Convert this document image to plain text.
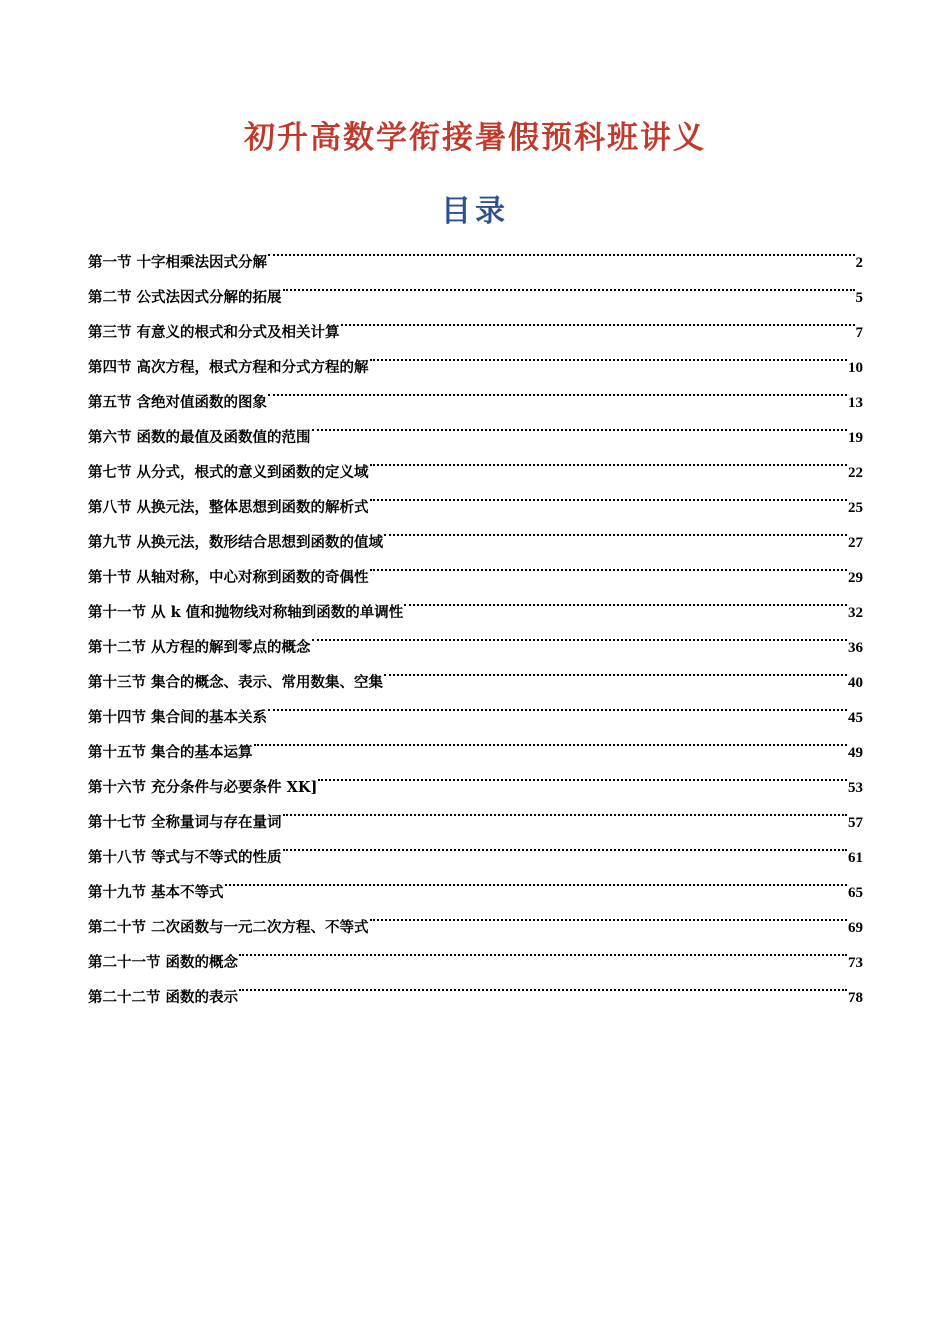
初升高数学衔接暑假预科班讲义
目录
第一节 十字相乘法因式分解	2
第二节 公式法因式分解的拓展	5
第三节 有意义的根式和分式及相关计算	7
第四节 高次方程，根式方程和分式方程的解	10
第五节 含绝对值函数的图象	13
第六节 函数的最值及函数值的范围	19
第七节 从分式，根式的意义到函数的定义域	22
第八节 从换元法，整体思想到函数的解析式	25
第九节 从换元法，数形结合思想到函数的值域	27
第十节 从轴对称，中心对称到函数的奇偶性	29
第十一节 从 k 值和抛物线对称轴到函数的单调性	32
第十二节 从方程的解到零点的概念	36
第十三节 集合的概念、表示、常用数集、空集	40
第十四节 集合间的基本关系	45
第十五节 集合的基本运算	49
第十六节 充分条件与必要条件 XK]	53
第十七节 全称量词与存在量词	57
第十八节 等式与不等式的性质	61
第十九节 基本不等式	65
第二十节 二次函数与一元二次方程、不等式	69
第二十一节 函数的概念	73
第二十二节 函数的表示	78
